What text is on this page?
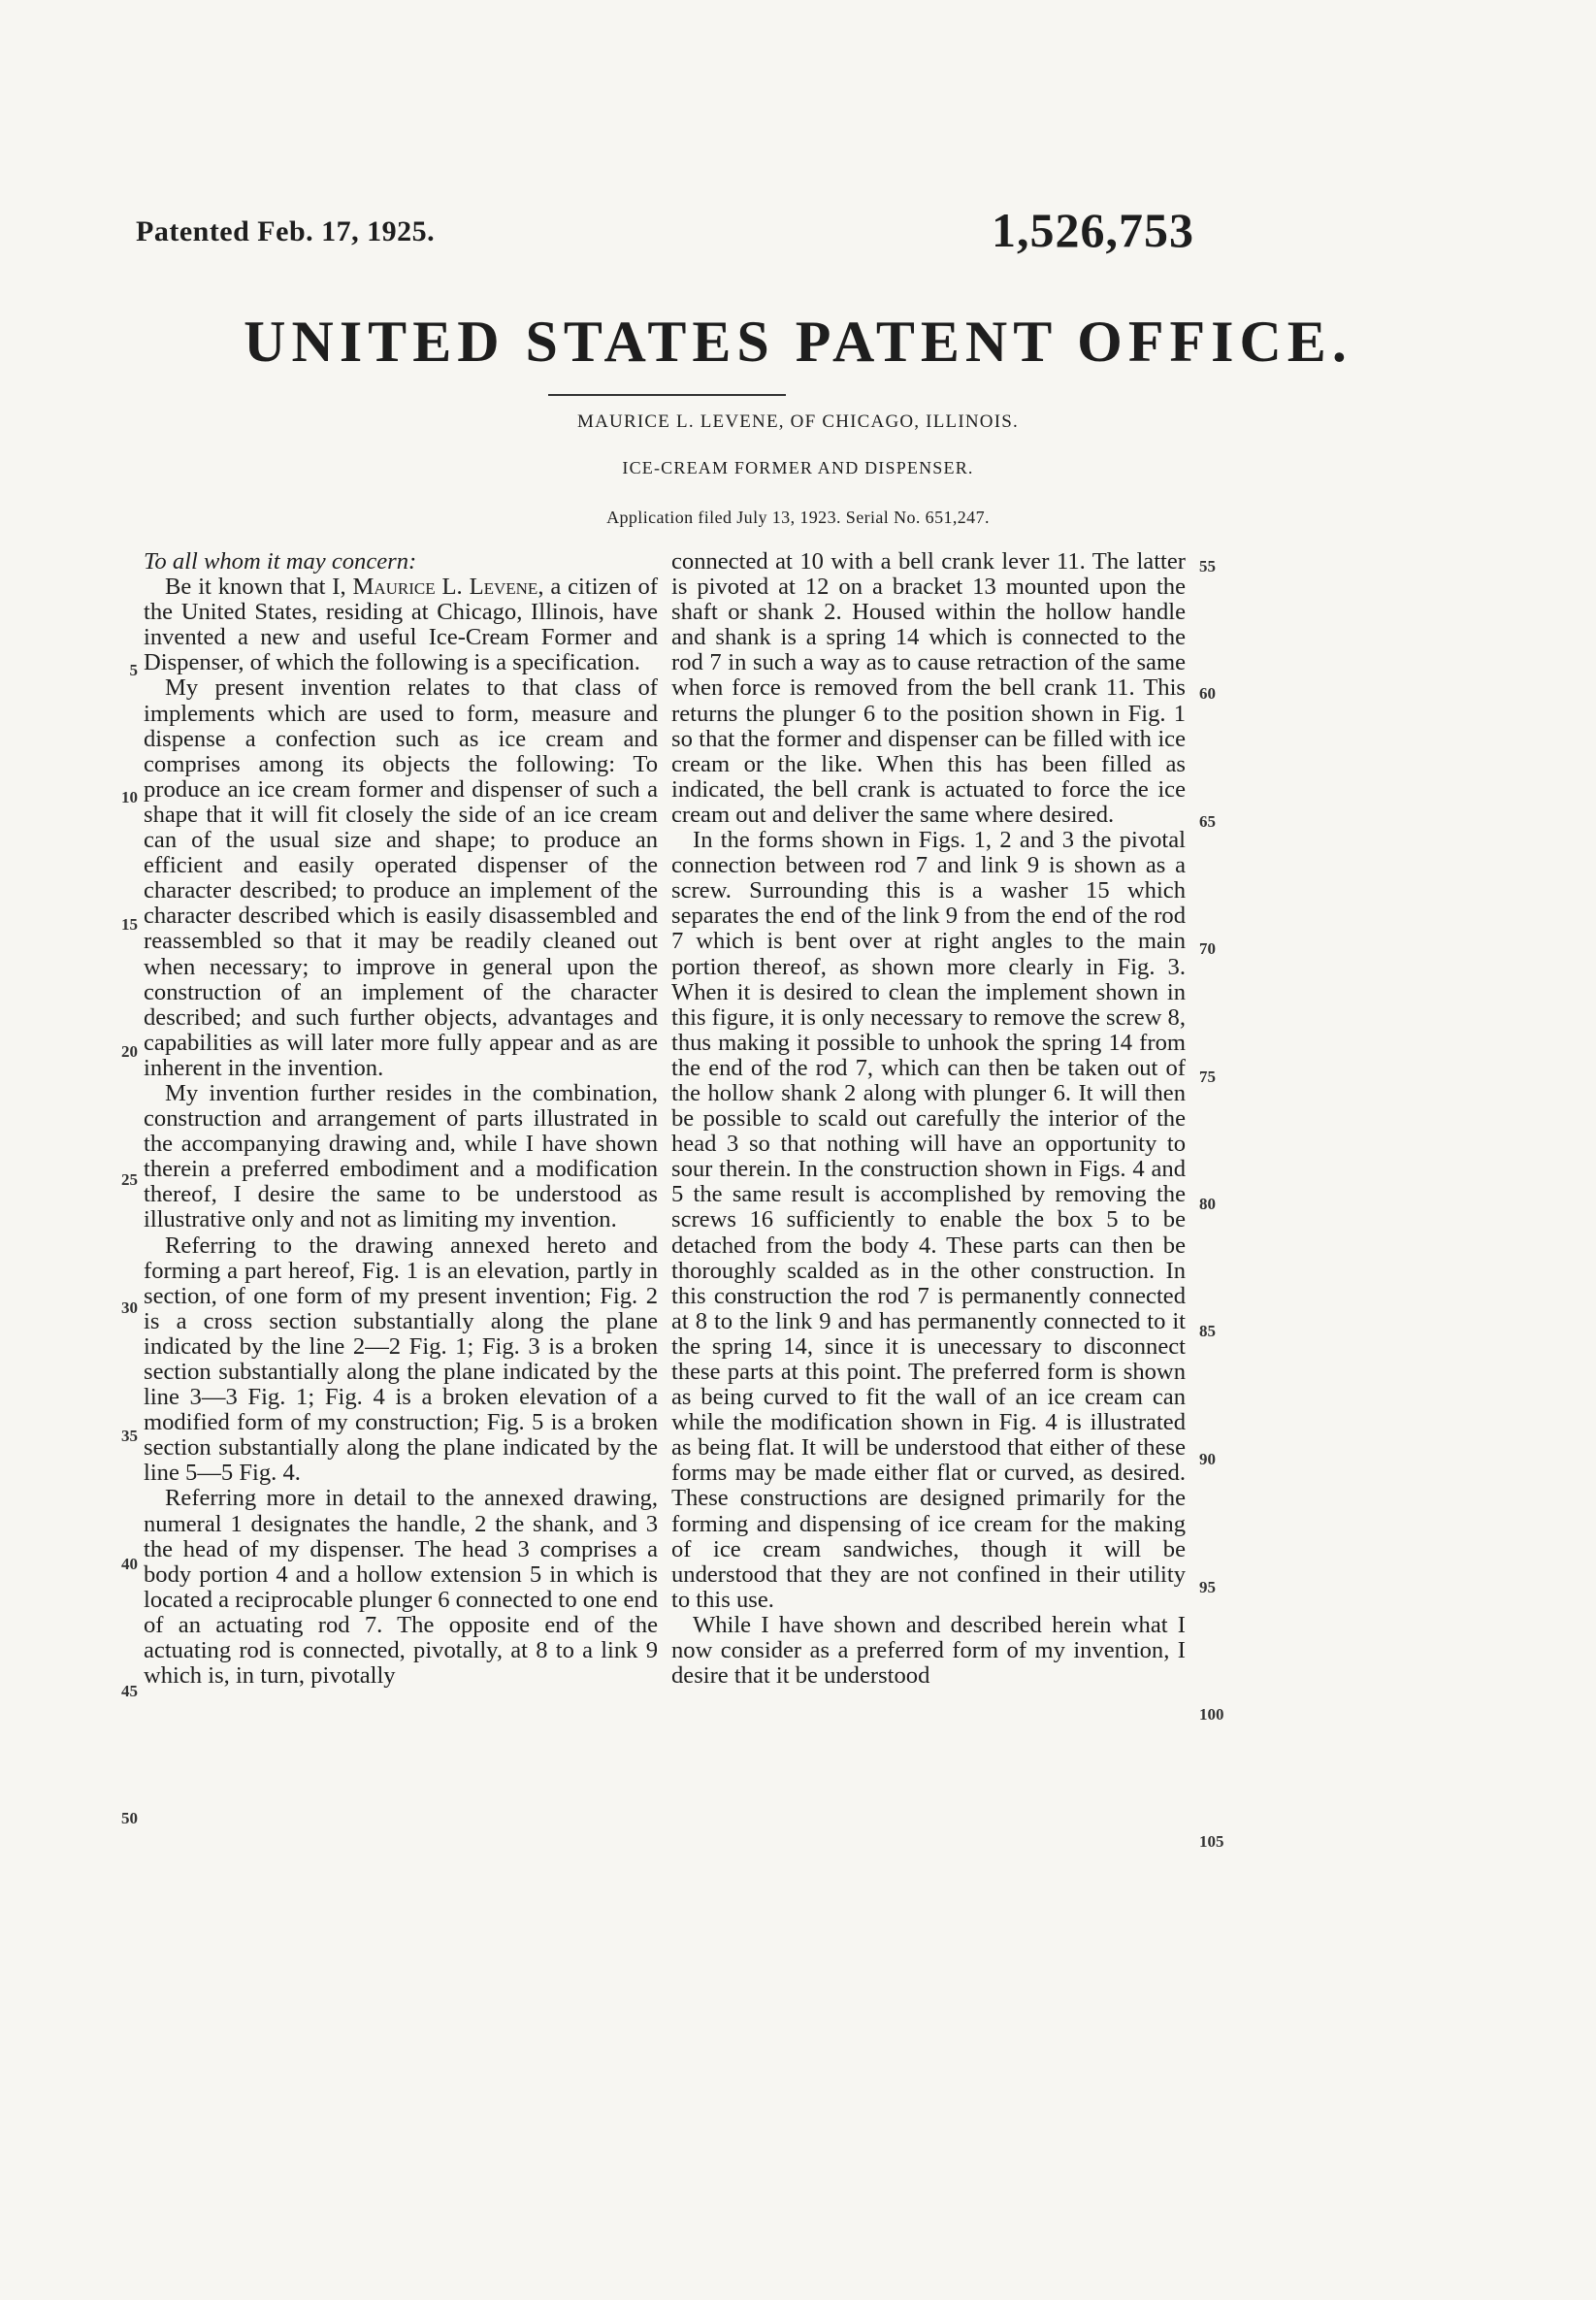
Patented Feb. 17, 1925.	1,526,753
UNITED STATES PATENT OFFICE.
MAURICE L. LEVENE, OF CHICAGO, ILLINOIS.
ICE-CREAM FORMER AND DISPENSER.
Application filed July 13, 1923. Serial No. 651,247.

To all whom it may concern:

Be it known that I, Maurice L. Levene, a citizen of the United States, residing at Chicago, Illinois, have invented a new and useful Ice-Cream Former and Dispenser, of which the following is a specification.

My present invention relates to that class of implements which are used to form, measure and dispense a confection such as ice cream and comprises among its objects the following: To produce an ice cream former and dispenser of such a shape that it will fit closely the side of an ice cream can of the usual size and shape; to produce an efficient and easily operated dispenser of the character described; to produce an implement of the character described which is easily disassembled and reassembled so that it may be readily cleaned out when necessary; to improve in general upon the construction of an implement of the character described; and such further objects, advantages and capabilities as will later more fully appear and as are inherent in the invention.

My invention further resides in the combination, construction and arrangement of parts illustrated in the accompanying drawing and, while I have shown therein a preferred embodiment and a modification thereof, I desire the same to be understood as illustrative only and not as limiting my invention.

Referring to the drawing annexed hereto and forming a part hereof, Fig. 1 is an elevation, partly in section, of one form of my present invention; Fig. 2 is a cross section substantially along the plane indicated by the line 2—2 Fig. 1; Fig. 3 is a broken section substantially along the plane indicated by the line 3—3 Fig. 1; Fig. 4 is a broken elevation of a modified form of my construction; Fig. 5 is a broken section substantially along the plane indicated by the line 5—5 Fig. 4.

Referring more in detail to the annexed drawing, numeral 1 designates the handle, 2 the shank, and 3 the head of my dispenser. The head 3 comprises a body portion 4 and a hollow extension 5 in which is located a reciprocable plunger 6 connected to one end of an actuating rod 7. The opposite end of the actuating rod is connected, pivotally, at 8 to a link 9 which is, in turn, pivotally

connected at 10 with a bell crank lever 11. The latter is pivoted at 12 on a bracket 13 mounted upon the shaft or shank 2. Housed within the hollow handle and shank is a spring 14 which is connected to the rod 7 in such a way as to cause retraction of the same when force is removed from the bell crank 11. This returns the plunger 6 to the position shown in Fig. 1 so that the former and dispenser can be filled with ice cream or the like. When this has been filled as indicated, the bell crank is actuated to force the ice cream out and deliver the same where desired.

In the forms shown in Figs. 1, 2 and 3 the pivotal connection between rod 7 and link 9 is shown as a screw. Surrounding this is a washer 15 which separates the end of the link 9 from the end of the rod 7 which is bent over at right angles to the main portion thereof, as shown more clearly in Fig. 3. When it is desired to clean the implement shown in this figure, it is only necessary to remove the screw 8, thus making it possible to unhook the spring 14 from the end of the rod 7, which can then be taken out of the hollow shank 2 along with plunger 6. It will then be possible to scald out carefully the interior of the head 3 so that nothing will have an opportunity to sour therein. In the construction shown in Figs. 4 and 5 the same result is accomplished by removing the screws 16 sufficiently to enable the box 5 to be detached from the body 4. These parts can then be thoroughly scalded as in the other construction. In this construction the rod 7 is permanently connected at 8 to the link 9 and has permanently connected to it the spring 14, since it is unecessary to disconnect these parts at this point. The preferred form is shown as being curved to fit the wall of an ice cream can while the modification shown in Fig. 4 is illustrated as being flat. It will be understood that either of these forms may be made either flat or curved, as desired. These constructions are designed primarily for the forming and dispensing of ice cream for the making of ice cream sandwiches, though it will be understood that they are not confined in their utility to this use.

While I have shown and described herein what I now consider as a preferred form of my invention, I desire that it be understood

5
10
15
20
25
30
35
40
45
50
55
60
65
70
75
80
85
90
95
100
105
